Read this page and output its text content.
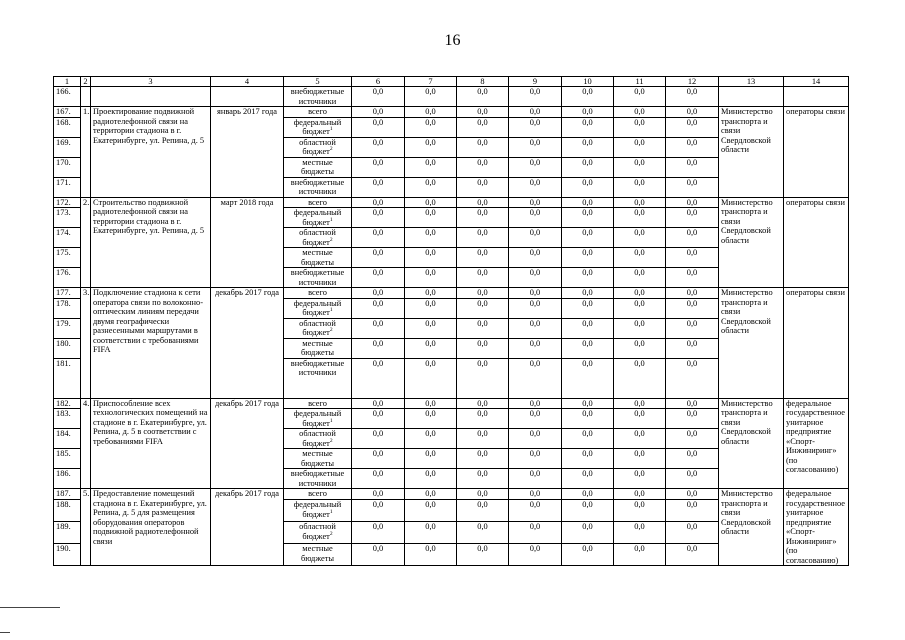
16
1	2	3	4	5	6	7	8	9	10	11	12	13	14
166.				внебюджетные источники	0,0	0,0	0,0	0,0	0,0	0,0	0,0		
167.	1.	Проектирование подвижной радиотелефонной связи на территории стадиона в г. Екатеринбурге, ул. Репина, д. 5	январь 2017 года	всего	0,0	0,0	0,0	0,0	0,0	0,0	0,0	Министерство транспорта и связи Свердловской области	операторы связи
168.				федеральный бюджет$^1$	0,0	0,0	0,0	0,0	0,0	0,0	0,0		
169.				областной бюджет$^2$	0,0	0,0	0,0	0,0	0,0	0,0	0,0		
170.				местные бюджеты	0,0	0,0	0,0	0,0	0,0	0,0	0,0		
171.				внебюджетные источники	0,0	0,0	0,0	0,0	0,0	0,0	0,0		
172.	2.	Строительство подвижной радиотелефонной связи на территории стадиона в г. Екатеринбурге, ул. Репина, д. 5	март 2018 года	всего	0,0	0,0	0,0	0,0	0,0	0,0	0,0	Министерство транспорта и связи Свердловской области	операторы связи
173.				федеральный бюджет$^1$	0,0	0,0	0,0	0,0	0,0	0,0	0,0		
174.				областной бюджет$^2$	0,0	0,0	0,0	0,0	0,0	0,0	0,0		
175.				местные бюджеты	0,0	0,0	0,0	0,0	0,0	0,0	0,0		
176.				внебюджетные источники	0,0	0,0	0,0	0,0	0,0	0,0	0,0		
177.	3.	Подключение стадиона к сети оператора связи по волоконно-оптическим линиям передачи двумя географически разнесенными маршрутами в соответствии с требованиями FIFA	декабрь 2017 года	всего	0,0	0,0	0,0	0,0	0,0	0,0	0,0	Министерство транспорта и связи Свердловской области	операторы связи
178.				федеральный бюджет$^1$	0,0	0,0	0,0	0,0	0,0	0,0	0,0		
179.				областной бюджет$^2$	0,0	0,0	0,0	0,0	0,0	0,0	0,0		
180.				местные бюджеты	0,0	0,0	0,0	0,0	0,0	0,0	0,0		
181.				внебюджетные источники	0,0	0,0	0,0	0,0	0,0	0,0	0,0		
182.	4.	Приспособление всех технологических помещений на стадионе в г. Екатеринбурге, ул. Репина, д. 5 в соответствии с требованиями FIFA	декабрь 2017 года	всего	0,0	0,0	0,0	0,0	0,0	0,0	0,0	Министерство транспорта и связи Свердловской области	федеральное государственное унитарное предприятие «Спорт-Инжиниринг» (по согласованию)
183.				федеральный бюджет$^1$	0,0	0,0	0,0	0,0	0,0	0,0	0,0		
184.				областной бюджет$^2$	0,0	0,0	0,0	0,0	0,0	0,0	0,0		
185.				местные бюджеты	0,0	0,0	0,0	0,0	0,0	0,0	0,0		
186.				внебюджетные источники	0,0	0,0	0,0	0,0	0,0	0,0	0,0		
187.	5.	Предоставление помещений стадиона в г. Екатеринбурге, ул. Репина, д. 5 для размещения оборудования операторов подвижной радиотелефонной связи	декабрь 2017 года	всего	0,0	0,0	0,0	0,0	0,0	0,0	0,0	Министерство транспорта и связи Свердловской области	федеральное государственное унитарное предприятие «Спорт-Инжиниринг» (по согласованию)
188.				федеральный бюджет$^1$	0,0	0,0	0,0	0,0	0,0	0,0	0,0		
189.				областной бюджет$^2$	0,0	0,0	0,0	0,0	0,0	0,0	0,0		
190.				местные бюджеты	0,0	0,0	0,0	0,0	0,0	0,0	0,0		
